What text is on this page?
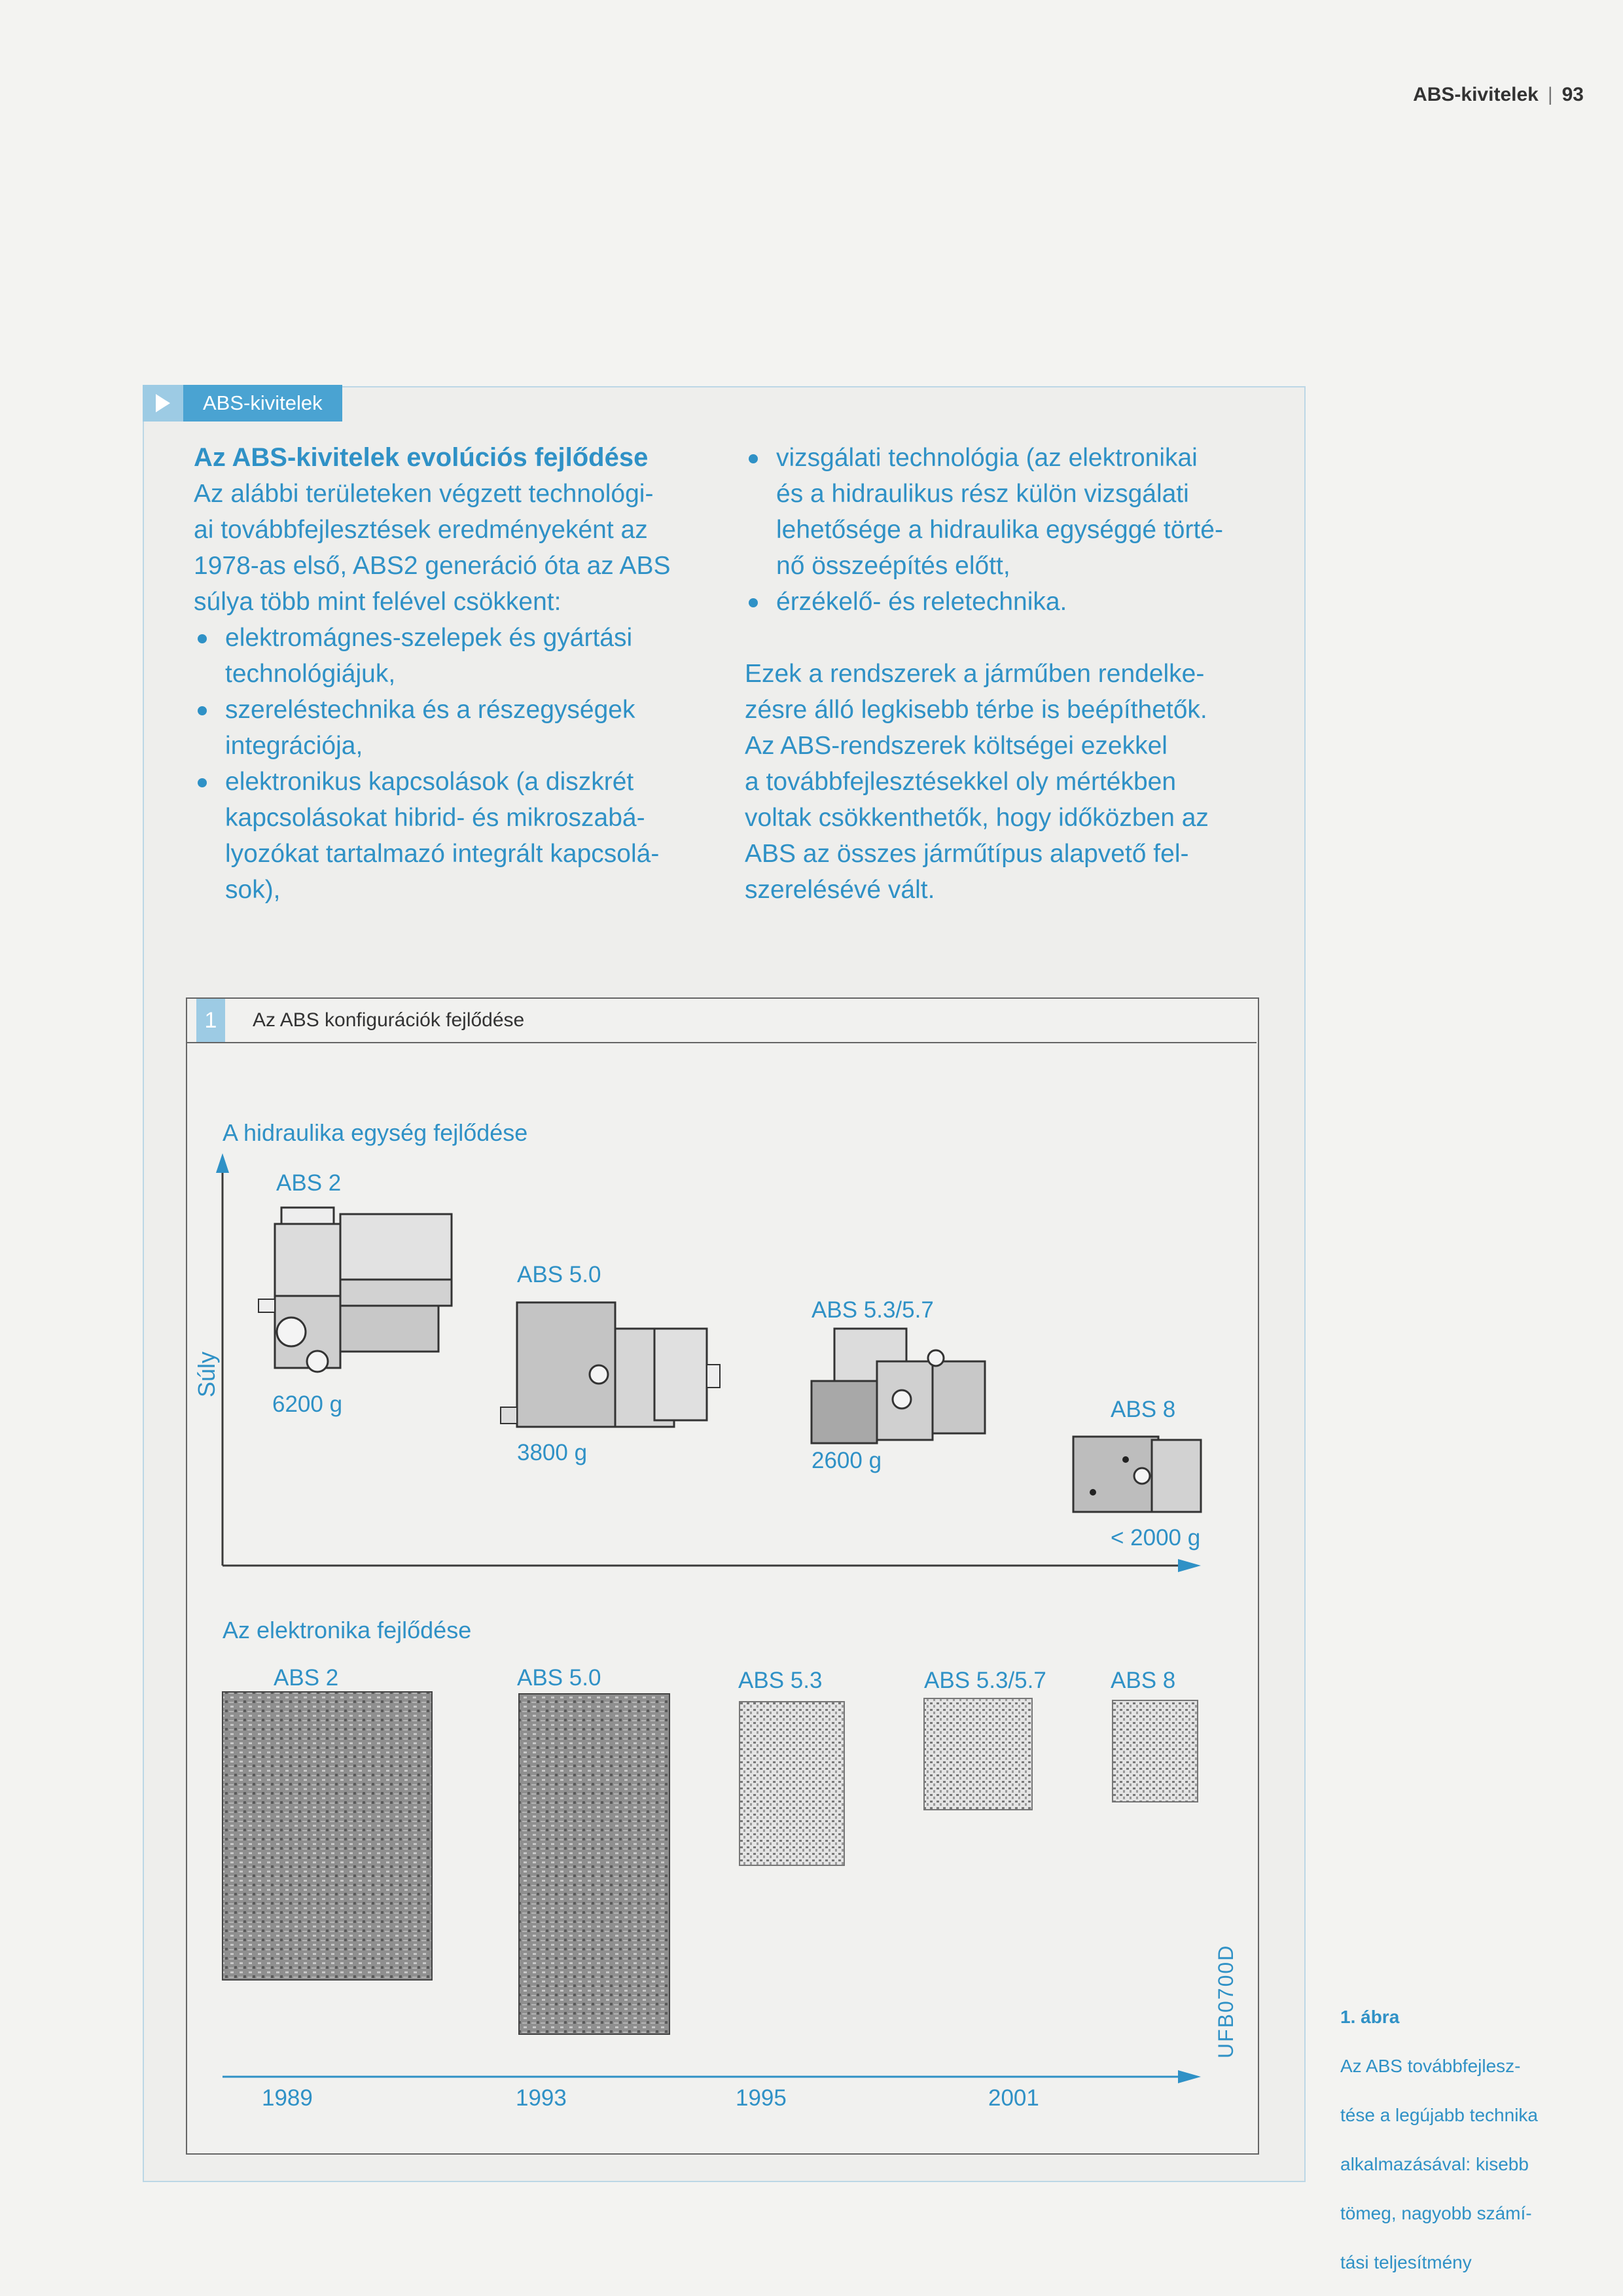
ABS-kivitelek | 93
ABS-kivitelek
Az ABS-kivitelek evolúciós fejlődése

Az alábbi területeken végzett technológi-

ai továbbfejlesztések eredményeként az

1978-as első, ABS2 generáció óta az ABS

súlya több mint felével csökkent:

elektromágnes-szelepek és gyártási
technológiájuk,
szereléstechnika és a részegységek
integrációja,
elektronikus kapcsolások (a diszkrét
kapcsolásokat hibrid- és mikroszabá-
lyozókat tartalmazó integrált kapcsolá-
sok),
vizsgálati technológia (az elektronikai
és a hidraulikus rész külön vizsgálati
lehetősége a hidraulika egységgé törté-
nő összeépítés előtt,
érzékelő- és reletechnika.

Ezek a rendszerek a járműben rendelke-

zésre álló legkisebb térbe is beépíthetők.

Az ABS-rendszerek költségei ezekkel

a továbbfejlesztésekkel oly mértékben

voltak csökkenthetők, hogy időközben az

ABS az összes járműtípus alapvető fel-

szerelésévé vált.

1	Az ABS konfigurációk fejlődése
A hidraulika egység fejlődése
Súly
ABS 2
6200 g
ABS 5.0
3800 g
ABS 5.3/5.7
2600 g
ABS 8
< 2000 g
Az elektronika fejlődése
ABS 2	ABS 5.0	ABS 5.3	ABS 5.3/5.7	ABS 8
1989	1993	1995	2001
UFB0700D	1. ábra

Az ABS továbbfejlesz-

tése a legújabb technika

alkalmazásával: kisebb

tömeg, nagyobb számí-

tási teljesítmény
